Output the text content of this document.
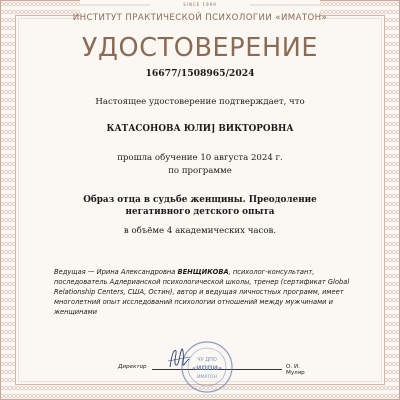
SINCE 1999
ИНСТИТУТ ПРАКТИЧЕСКОЙ ПСИХОЛОГИИ «ИМАТОН»
УДОСТОВЕРЕНИЕ
16677/1508965/2024
Настоящее удостоверение подтверждает, что
КАТАСОНОВА ЮЛИ] ВИКТОРОВНА
прошла обучение 10 августа 2024 г.
по программе
Образ отца в судьбе женщины. Преодоление
негативного детского опыта
в объёме 4 академических часов.
Ведущая — Ирина Александровна ВЕНЩИКОВА, психолог-консультант, последователь Адлерианской психологической школы, тренер (сертификат Global Relationship Centers, США, Остин), автор и ведущая личностных программ, имеет многолетний опыт исследований психологии отношений между мужчинами и женщинами
Директор	О. И. Муляр
ЧУ ДПО
«ИППИ»
ИМАТОН
